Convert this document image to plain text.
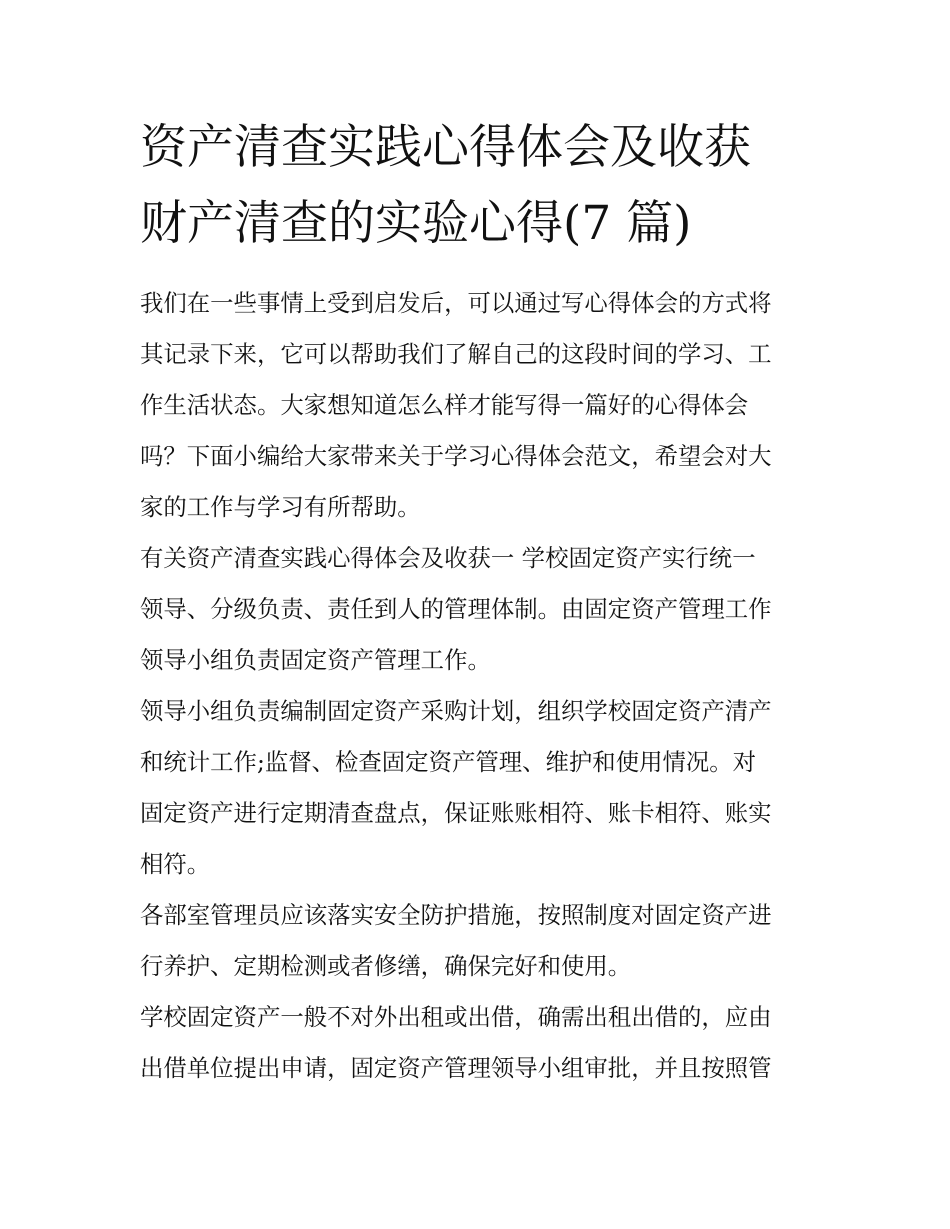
资产清查实践心得体会及收获
财产清查的实验心得(7 篇)
我们在一些事情上受到启发后，可以通过写心得体会的方式将
其记录下来，它可以帮助我们了解自己的这段时间的学习、工
作生活状态。大家想知道怎么样才能写得一篇好的心得体会
吗？下面小编给大家带来关于学习心得体会范文，希望会对大
家的工作与学习有所帮助。
有关资产清查实践心得体会及收获一 学校固定资产实行统一
领导、分级负责、责任到人的管理体制。由固定资产管理工作
领导小组负责固定资产管理工作。
领导小组负责编制固定资产采购计划，组织学校固定资产清产
和统计工作;监督、检查固定资产管理、维护和使用情况。对
固定资产进行定期清查盘点，保证账账相符、账卡相符、账实
相符。
各部室管理员应该落实安全防护措施，按照制度对固定资产进
行养护、定期检测或者修缮，确保完好和使用。
学校固定资产一般不对外出租或出借，确需出租出借的，应由
出借单位提出申请，固定资产管理领导小组审批，并且按照管
